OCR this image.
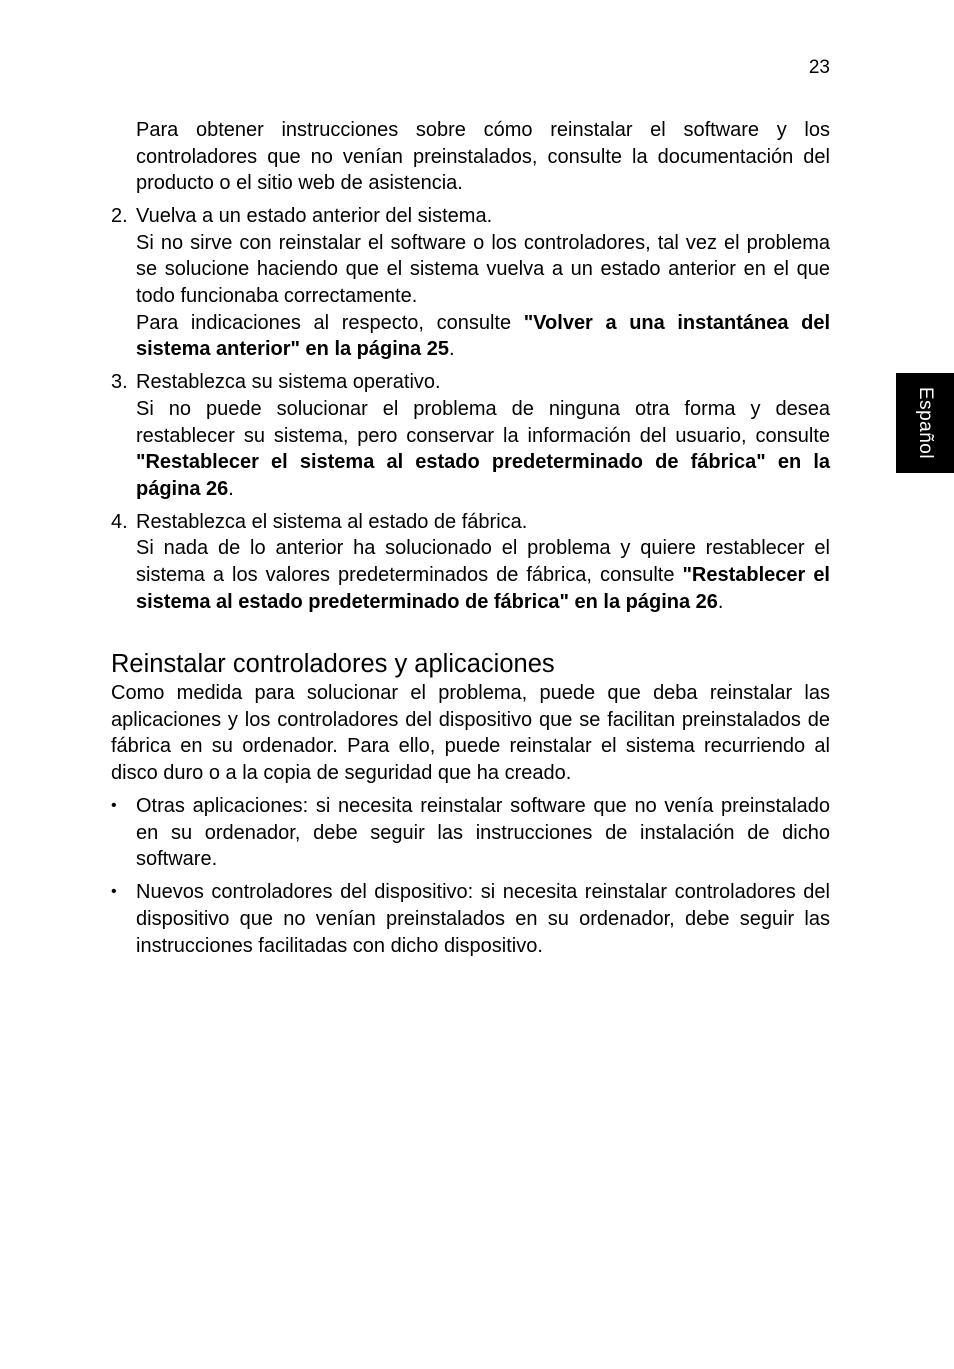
23
Español

Para obtener instrucciones sobre cómo reinstalar el software y los controladores que no venían preinstalados, consulte la documentación del producto o el sitio web de asistencia.

2. Vuelva a un estado anterior del sistema.

Si no sirve con reinstalar el software o los controladores, tal vez el problema se solucione haciendo que el sistema vuelva a un estado anterior en el que todo funcionaba correctamente.

Para indicaciones al respecto, consulte "Volver a una instantánea del sistema anterior" en la página 25.

3. Restablezca su sistema operativo.

Si no puede solucionar el problema de ninguna otra forma y desea restablecer su sistema, pero conservar la información del usuario, consulte "Restablecer el sistema al estado predeterminado de fábrica" en la página 26.

4. Restablezca el sistema al estado de fábrica.

Si nada de lo anterior ha solucionado el problema y quiere restablecer el sistema a los valores predeterminados de fábrica, consulte "Restablecer el sistema al estado predeterminado de fábrica" en la página 26.

Reinstalar controladores y aplicaciones

Como medida para solucionar el problema, puede que deba reinstalar las aplicaciones y los controladores del dispositivo que se facilitan preinstalados de fábrica en su ordenador. Para ello, puede reinstalar el sistema recurriendo al disco duro o a la copia de seguridad que ha creado.

• Otras aplicaciones: si necesita reinstalar software que no venía preinstalado en su ordenador, debe seguir las instrucciones de instalación de dicho software.

• Nuevos controladores del dispositivo: si necesita reinstalar controladores del dispositivo que no venían preinstalados en su ordenador, debe seguir las instrucciones facilitadas con dicho dispositivo.
